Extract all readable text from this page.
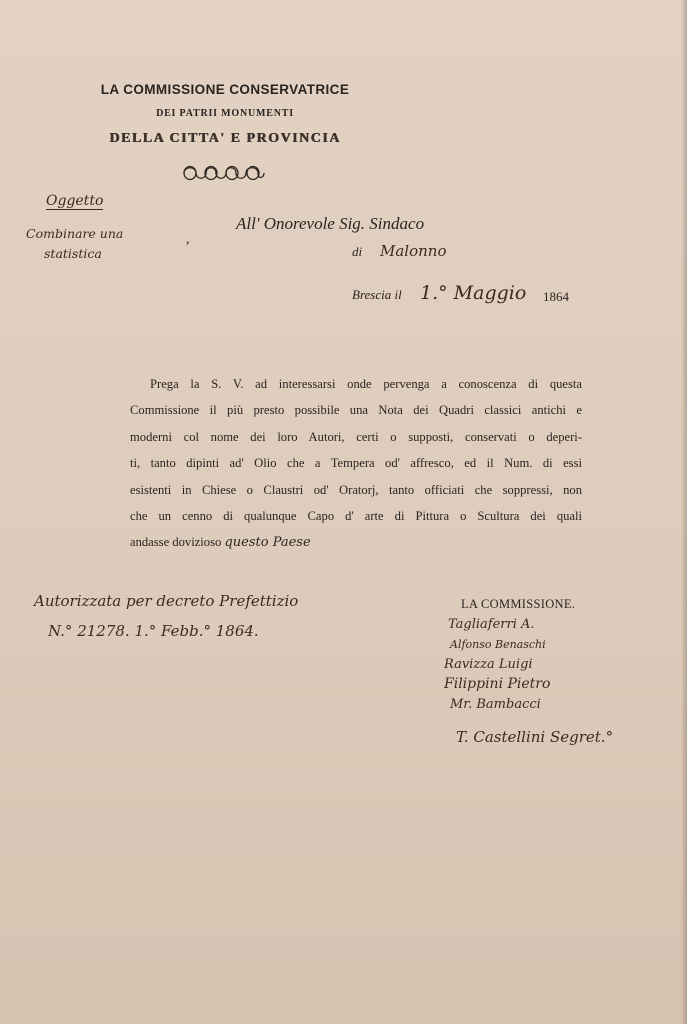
LA COMMISSIONE CONSERVATRICE
DEI PATRII MONUMENTI
DELLA CITTA' E PROVINCIA
Oggetto
Combinare una
statistica
,
All' Onorevole Sig. Sindaco
di Malonno
Brescia il 1.° Maggio 1864
Prega la S. V. ad interessarsi onde pervenga a conoscenza di questa
Commissione il più presto possibile una Nota dei Quadri classici antichi e
moderni col nome dei loro Autori, certi o supposti, conservati o deperi-
ti, tanto dipinti ad' Olio che a Tempera od' affresco, ed il Num. di essi
esistenti in Chiese o Claustri od' Oratorj, tanto officiati che soppressi, non
che un cenno di qualunque Capo d' arte di Pittura o Scultura dei quali
andasse dovizioso questo Paese
Autorizzata per decreto Prefettizio
N.° 21278. 1.° Febb.° 1864.
LA COMMISSIONE.
Tagliaferri A.
Alfonso Benaschi
Ravizza Luigi
Filippini Pietro
Mr. Bambacci
T. Castellini Segret.°
